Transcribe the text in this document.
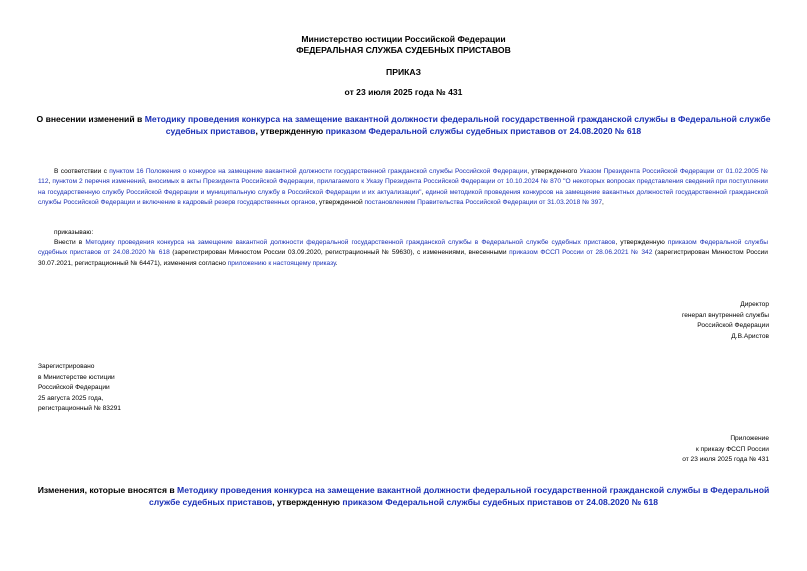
Министерство юстиции Российской Федерации
ФЕДЕРАЛЬНАЯ СЛУЖБА СУДЕБНЫХ ПРИСТАВОВ
ПРИКАЗ
от 23 июля 2025 года № 431
О внесении изменений в Методику проведения конкурса на замещение вакантной должности федеральной государственной гражданской службы в Федеральной службе судебных приставов, утвержденную приказом Федеральной службы судебных приставов от 24.08.2020 № 618
В соответствии с пунктом 16 Положения о конкурсе на замещение вакантной должности государственной гражданской службы Российской Федерации, утвержденного Указом Президента Российской Федерации от 01.02.2005 № 112, пунктом 2 перечня изменений, вносимых в акты Президента Российской Федерации, прилагаемого к Указу Президента Российской Федерации от 10.10.2024 № 870 "О некоторых вопросах представления сведений при поступлении на государственную службу Российской Федерации и муниципальную службу в Российской Федерации и их актуализации", единой методикой проведения конкурсов на замещение вакантных должностей государственной гражданской службы Российской Федерации и включение в кадровый резерв государственных органов, утвержденной постановлением Правительства Российской Федерации от 31.03.2018 № 397,
приказываю:
Внести в Методику проведения конкурса на замещение вакантной должности федеральной государственной гражданской службы в Федеральной службе судебных приставов, утвержденную приказом Федеральной службы судебных приставов от 24.08.2020 № 618 (зарегистрирован Минюстом России 03.09.2020, регистрационный № 59630), с изменениями, внесенными приказом ФССП России от 28.06.2021 № 342 (зарегистрирован Минюстом России 30.07.2021, регистрационный № 64471), изменения согласно приложению к настоящему приказу.
Директор
генерал внутренней службы
Российской Федерации
Д.В.Аристов
Зарегистрировано
в Министерстве юстиции
Российской Федерации
25 августа 2025 года,
регистрационный № 83291
Приложение
к приказу ФССП России
от 23 июля 2025 года № 431
Изменения, которые вносятся в Методику проведения конкурса на замещение вакантной должности федеральной государственной гражданской службы в Федеральной службе судебных приставов, утвержденную приказом Федеральной службы судебных приставов от 24.08.2020 № 618
